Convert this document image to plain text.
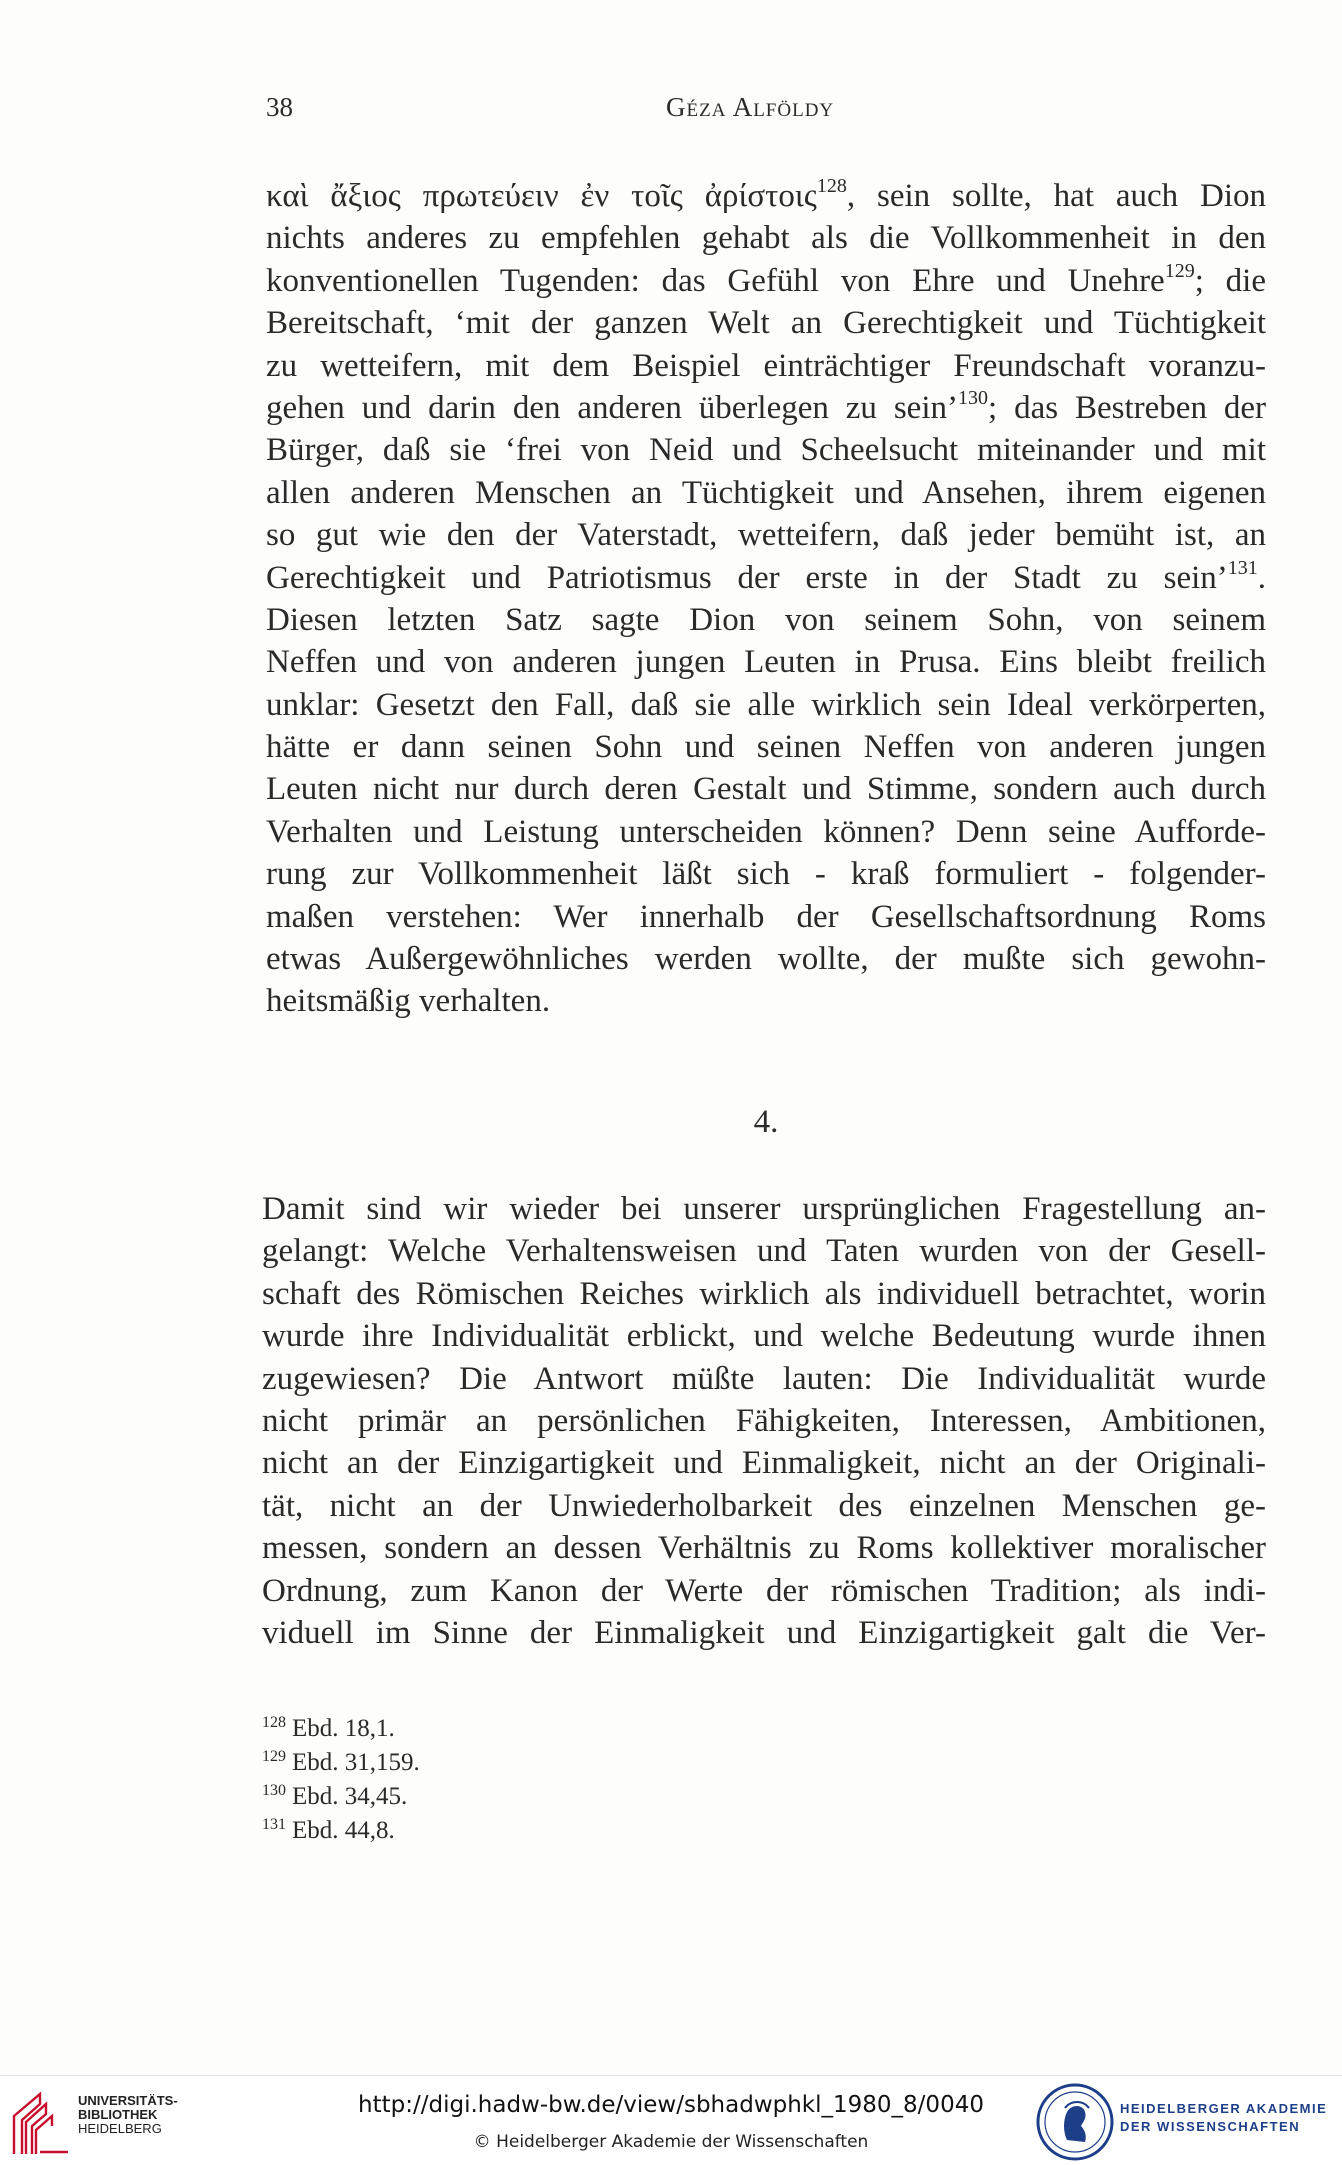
38	Géza Alföldy
καὶ ἄξιος πρωτεύειν ἐν τοῖς ἀρίστοις$^{128}$, sein sollte, hat auch Dion
nichts anderes zu empfehlen gehabt als die Vollkommenheit in den
konventionellen Tugenden: das Gefühl von Ehre und Unehre$^{129}$; die
Bereitschaft, ‘mit der ganzen Welt an Gerechtigkeit und Tüchtigkeit
zu wetteifern, mit dem Beispiel einträchtiger Freundschaft voranzu-
gehen und darin den anderen überlegen zu sein’$^{130}$; das Bestreben der
Bürger, daß sie ‘frei von Neid und Scheelsucht miteinander und mit
allen anderen Menschen an Tüchtigkeit und Ansehen, ihrem eigenen
so gut wie den der Vaterstadt, wetteifern, daß jeder bemüht ist, an
Gerechtigkeit und Patriotismus der erste in der Stadt zu sein’$^{131}$.
Diesen letzten Satz sagte Dion von seinem Sohn, von seinem
Neffen und von anderen jungen Leuten in Prusa. Eins bleibt freilich
unklar: Gesetzt den Fall, daß sie alle wirklich sein Ideal verkörperten,
hätte er dann seinen Sohn und seinen Neffen von anderen jungen
Leuten nicht nur durch deren Gestalt und Stimme, sondern auch durch
Verhalten und Leistung unterscheiden können? Denn seine Aufforde-
rung zur Vollkommenheit läßt sich - kraß formuliert - folgender-
maßen verstehen: Wer innerhalb der Gesellschaftsordnung Roms
etwas Außergewöhnliches werden wollte, der mußte sich gewohn-
heitsmäßig verhalten.
4.
Damit sind wir wieder bei unserer ursprünglichen Fragestellung an-
gelangt: Welche Verhaltensweisen und Taten wurden von der Gesell-
schaft des Römischen Reiches wirklich als individuell betrachtet, worin
wurde ihre Individualität erblickt, und welche Bedeutung wurde ihnen
zugewiesen? Die Antwort müßte lauten: Die Individualität wurde
nicht primär an persönlichen Fähigkeiten, Interessen, Ambitionen,
nicht an der Einzigartigkeit und Einmaligkeit, nicht an der Originali-
tät, nicht an der Unwiederholbarkeit des einzelnen Menschen ge-
messen, sondern an dessen Verhältnis zu Roms kollektiver moralischer
Ordnung, zum Kanon der Werte der römischen Tradition; als indi-
viduell im Sinne der Einmaligkeit und Einzigartigkeit galt die Ver-
$^{128}$ Ebd. 18,1.
$^{129}$ Ebd. 31,159.
$^{130}$ Ebd. 34,45.
$^{131}$ Ebd. 44,8.
UNIVERSITÄTS-
BIBLIOTHEK
HEIDELBERG
http://digi.hadw-bw.de/view/sbhadwphkl_1980_8/0040
© Heidelberger Akademie der Wissenschaften
HEIDELBERGER AKADEMIE
DER WISSENSCHAFTEN
